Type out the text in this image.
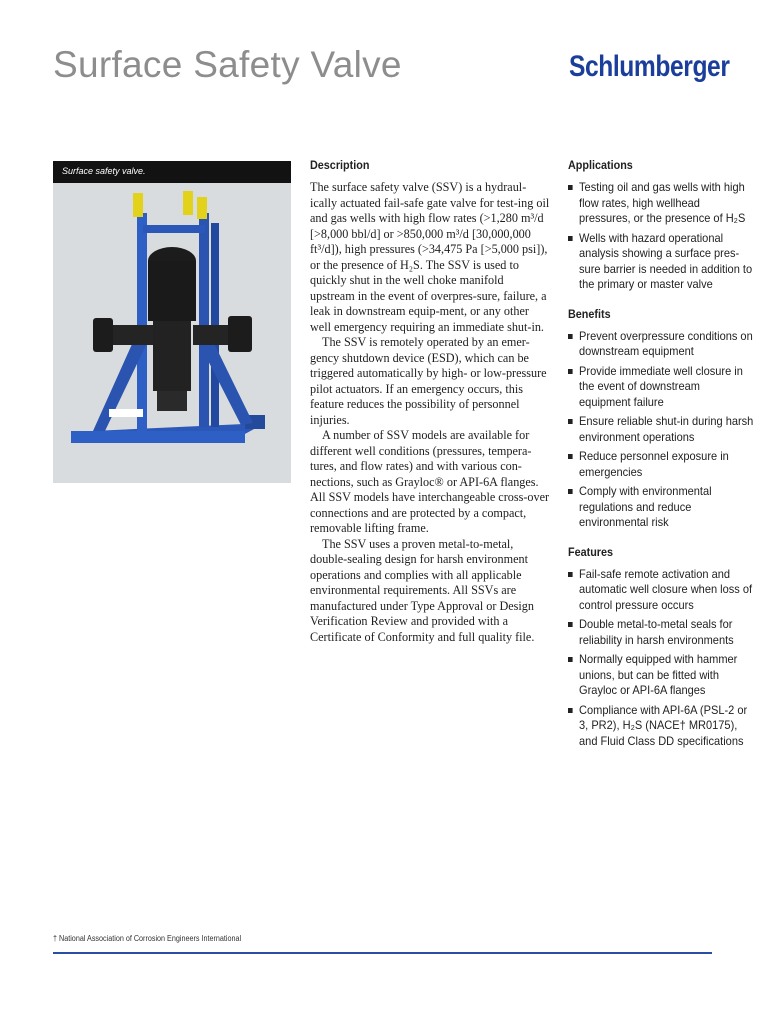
Surface Safety Valve	Schlumberger
Surface safety valve.	Description

The surface safety valve (SSV) is a hydraul-ically actuated fail-safe gate valve for test-ing oil and gas wells with high flow rates (>1,280 m³/d [>8,000 bbl/d] or >850,000 m³/d [30,000,000 ft³/d]), high pressures (>34,475 Pa [>5,000 psi]), or the presence of H₂S. The SSV is used to quickly shut in the well choke manifold upstream in the event of overpres-sure, failure, a leak in downstream equip-ment, or any other well emergency requiring an immediate shut-in.

The SSV is remotely operated by an emer-gency shutdown device (ESD), which can be triggered automatically by high- or low-pressure pilot actuators. If an emergency occurs, this feature reduces the possibility of personnel injuries.

A number of SSV models are available for different well conditions (pressures, tempera-tures, and flow rates) and with various con-nections, such as Grayloc® or API-6A flanges. All SSV models have interchangeable cross-over connections and are protected by a compact, removable lifting frame.

The SSV uses a proven metal-to-metal, double-sealing design for harsh environment operations and complies with all applicable environmental requirements. All SSVs are manufactured under Type Approval or Design Verification Review and provided with a Certificate of Conformity and full quality file.

Applications
Testing oil and gas wells with high flow rates, high wellhead pressures, or the presence of H₂S
Wells with hazard operational analysis showing a surface pres-sure barrier is needed in addition to the primary or master valve
Benefits
Prevent overpressure conditions on downstream equipment
Provide immediate well closure in the event of downstream equipment failure
Ensure reliable shut-in during harsh environment operations
Reduce personnel exposure in emergencies
Comply with environmental regulations and reduce environmental risk
Features
Fail-safe remote activation and automatic well closure when loss of control pressure occurs
Double metal-to-metal seals for reliability in harsh environments
Normally equipped with hammer unions, but can be fitted with Grayloc or API-6A flanges
Compliance with API-6A (PSL-2 or 3, PR2), H₂S (NACE† MR0175), and Fluid Class DD specifications
† National Association of Corrosion Engineers International
